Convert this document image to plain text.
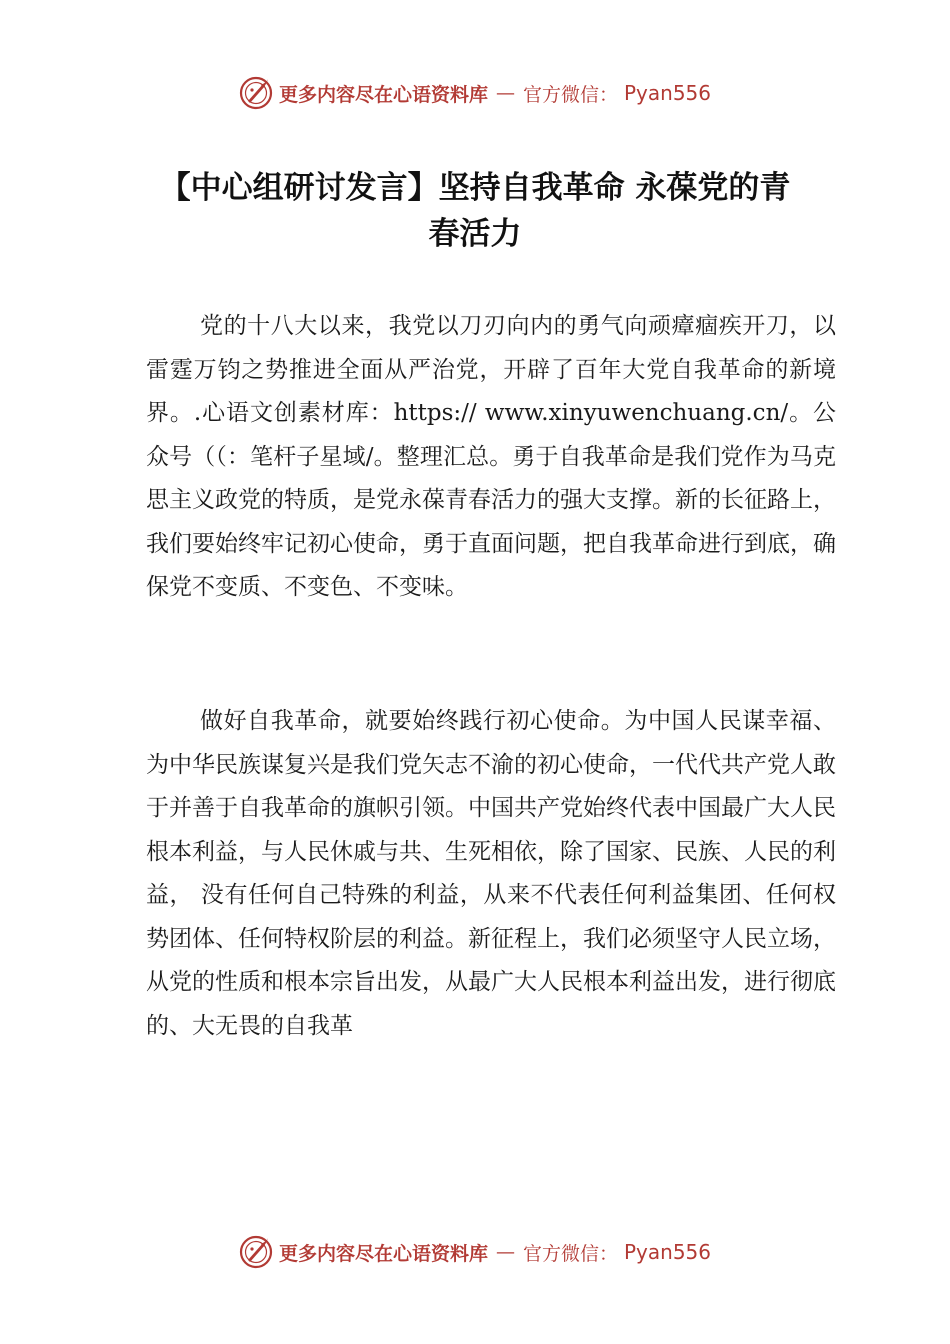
更多内容尽在心语资料库 — 官方微信： Pyan556
【中心组研讨发言】坚持自我革命 永葆党的青春活力

党的十八大以来，我党以刀刃向内的勇气向顽瘴痼疾开刀，以雷霆万钧之势推进全面从严治党，开辟了百年大党自我革命的新境界。.心语文创素材库：https:// www.xinyuwenchuang.cn/。公众号（（：笔杆子星域/。整理汇总。勇于自我革命是我们党作为马克思主义政党的特质，是党永葆青春活力的强大支撑。新的长征路上，我们要始终牢记初心使命，勇于直面问题，把自我革命进行到底，确保党不变质、不变色、不变味。

做好自我革命，就要始终践行初心使命。为中国人民谋幸福、为中华民族谋复兴是我们党矢志不渝的初心使命，一代代共产党人敢于并善于自我革命的旗帜引领。中国共产党始终代表中国最广大人民根本利益，与人民休戚与共、生死相依，除了国家、民族、人民的利益， 没有任何自己特殊的利益，从来不代表任何利益集团、任何权势团体、任何特权阶层的利益。新征程上，我们必须坚守人民立场，从党的性质和根本宗旨出发，从最广大人民根本利益出发，进行彻底的、大无畏的自我革

更多内容尽在心语资料库 — 官方微信： Pyan556
